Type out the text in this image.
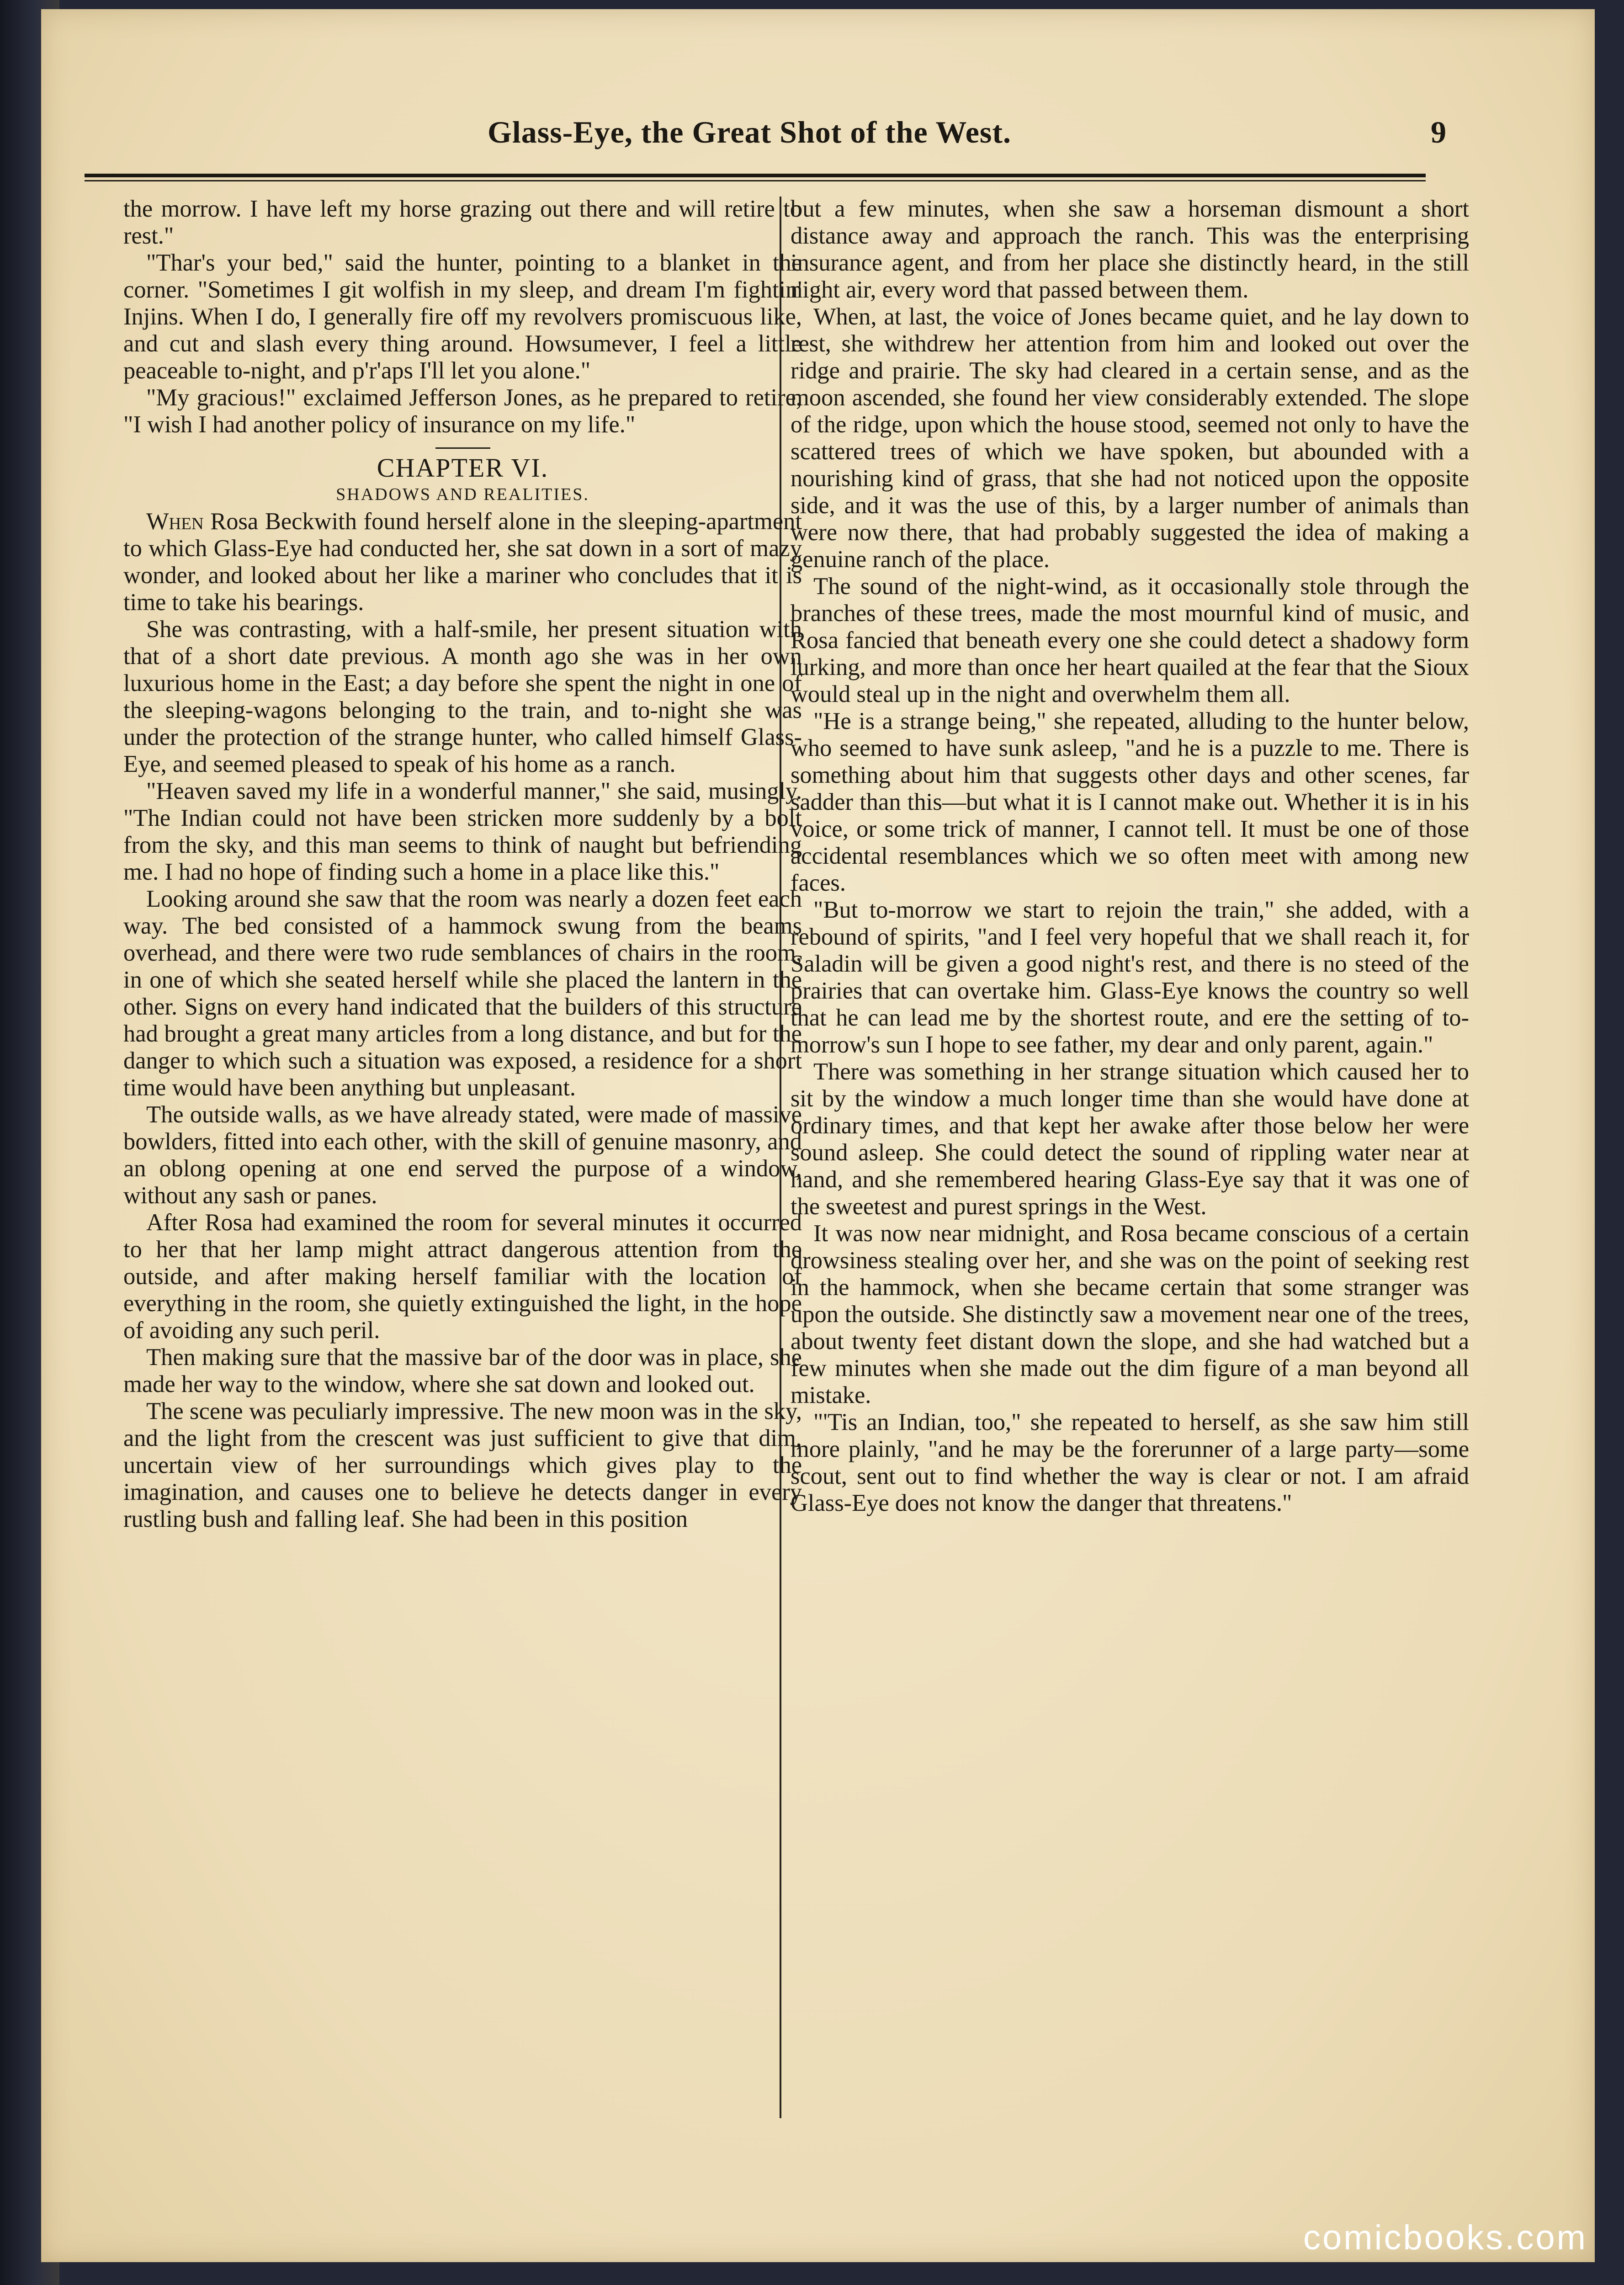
Glass-Eye, the Great Shot of the West.	9

the morrow. I have left my horse grazing out there and will retire to rest."

"Thar's your bed," said the hunter, pointing to a blanket in the corner. "Sometimes I git wolfish in my sleep, and dream I'm fightin' Injins. When I do, I generally fire off my revolvers promiscuous like, and cut and slash every thing around. Howsumever, I feel a little peaceable to-night, and p'r'aps I'll let you alone."

"My gracious!" exclaimed Jefferson Jones, as he prepared to retire, "I wish I had another policy of insurance on my life."

CHAPTER VI.

SHADOWS AND REALITIES.

When Rosa Beckwith found herself alone in the sleeping-apartment to which Glass-Eye had conducted her, she sat down in a sort of mazy wonder, and looked about her like a mariner who concludes that it is time to take his bearings.

She was contrasting, with a half-smile, her present situation with that of a short date previous. A month ago she was in her own luxurious home in the East; a day before she spent the night in one of the sleeping-wagons belonging to the train, and to-night she was under the protection of the strange hunter, who called himself Glass-Eye, and seemed pleased to speak of his home as a ranch.

"Heaven saved my life in a wonderful manner," she said, musingly. "The Indian could not have been stricken more suddenly by a bolt from the sky, and this man seems to think of naught but befriending me. I had no hope of finding such a home in a place like this."

Looking around she saw that the room was nearly a dozen feet each way. The bed consisted of a hammock swung from the beams overhead, and there were two rude semblances of chairs in the room, in one of which she seated herself while she placed the lantern in the other. Signs on every hand indicated that the builders of this structure had brought a great many articles from a long distance, and but for the danger to which such a situation was exposed, a residence for a short time would have been anything but unpleasant.

The outside walls, as we have already stated, were made of massive bowlders, fitted into each other, with the skill of genuine masonry, and an oblong opening at one end served the purpose of a window, without any sash or panes.

After Rosa had examined the room for several minutes it occurred to her that her lamp might attract dangerous attention from the outside, and after making herself familiar with the location of everything in the room, she quietly extinguished the light, in the hope of avoiding any such peril.

Then making sure that the massive bar of the door was in place, she made her way to the window, where she sat down and looked out.

The scene was peculiarly impressive. The new moon was in the sky, and the light from the crescent was just sufficient to give that dim, uncertain view of her surroundings which gives play to the imagination, and causes one to believe he detects danger in every rustling bush and falling leaf. She had been in this position

but a few minutes, when she saw a horseman dismount a short distance away and approach the ranch. This was the enterprising insurance agent, and from her place she distinctly heard, in the still night air, every word that passed between them.

When, at last, the voice of Jones became quiet, and he lay down to rest, she withdrew her attention from him and looked out over the ridge and prairie. The sky had cleared in a certain sense, and as the moon ascended, she found her view considerably extended. The slope of the ridge, upon which the house stood, seemed not only to have the scattered trees of which we have spoken, but abounded with a nourishing kind of grass, that she had not noticed upon the opposite side, and it was the use of this, by a larger number of animals than were now there, that had probably suggested the idea of making a genuine ranch of the place.

The sound of the night-wind, as it occasionally stole through the branches of these trees, made the most mournful kind of music, and Rosa fancied that beneath every one she could detect a shadowy form lurking, and more than once her heart quailed at the fear that the Sioux would steal up in the night and overwhelm them all.

"He is a strange being," she repeated, alluding to the hunter below, who seemed to have sunk asleep, "and he is a puzzle to me. There is something about him that suggests other days and other scenes, far sadder than this—but what it is I cannot make out. Whether it is in his voice, or some trick of manner, I cannot tell. It must be one of those accidental resemblances which we so often meet with among new faces.

"But to-morrow we start to rejoin the train," she added, with a rebound of spirits, "and I feel very hopeful that we shall reach it, for Saladin will be given a good night's rest, and there is no steed of the prairies that can overtake him. Glass-Eye knows the country so well that he can lead me by the shortest route, and ere the setting of to-morrow's sun I hope to see father, my dear and only parent, again."

There was something in her strange situation which caused her to sit by the window a much longer time than she would have done at ordinary times, and that kept her awake after those below her were sound asleep. She could detect the sound of rippling water near at hand, and she remembered hearing Glass-Eye say that it was one of the sweetest and purest springs in the West.

It was now near midnight, and Rosa became conscious of a certain drowsiness stealing over her, and she was on the point of seeking rest in the hammock, when she became certain that some stranger was upon the outside. She distinctly saw a movement near one of the trees, about twenty feet distant down the slope, and she had watched but a few minutes when she made out the dim figure of a man beyond all mistake.

"'Tis an Indian, too," she repeated to herself, as she saw him still more plainly, "and he may be the forerunner of a large party—some scout, sent out to find whether the way is clear or not. I am afraid Glass-Eye does not know the danger that threatens."

comicbooks.com
